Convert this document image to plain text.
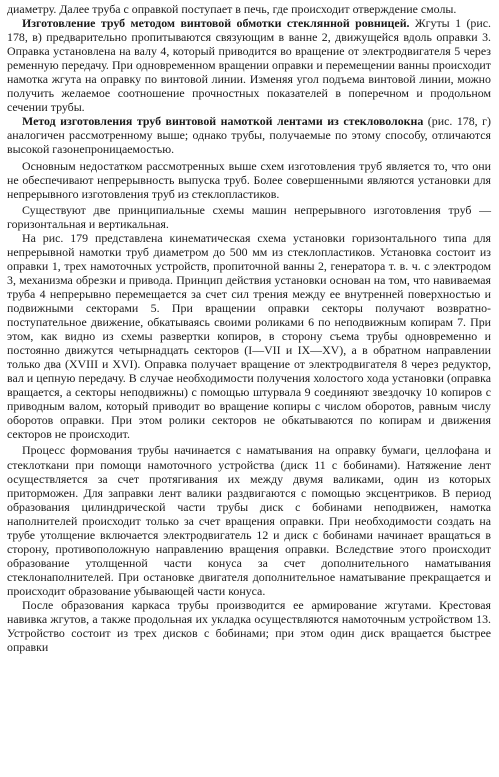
диаметру. Далее труба с оправкой поступает в печь, где происходит отверждение смолы.

Изготовление труб методом винтовой обмотки стеклянной ровницей. Жгуты 1 (рис. 178, в) предварительно пропитываются связующим в ванне 2, движущейся вдоль оправки 3. Оправка установлена на валу 4, который приводится во вращение от электродвигателя 5 через ременную передачу. При одновременном вращении оправки и перемещении ванны происходит намотка жгута на оправку по винтовой линии. Изменяя угол подъема винтовой линии, можно получить желаемое соотношение прочностных показателей в поперечном и продольном сечении трубы.

Метод изготовления труб винтовой намоткой лентами из стекловолокна (рис. 178, г) аналогичен рассмотренному выше; однако трубы, получаемые по этому способу, отличаются высокой газонепроницаемостью.

Основным недостатком рассмотренных выше схем изготовления труб является то, что они не обеспечивают непрерывность выпуска труб. Более совершенными являются установки для непрерывного изготовления труб из стеклопластиков.

Существуют две принципиальные схемы машин непрерывного изготовления труб — горизонтальная и вертикальная.

На рис. 179 представлена кинематическая схема установки горизонтального типа для непрерывной намотки труб диаметром до 500 мм из стеклопластиков. Установка состоит из оправки 1, трех намоточных устройств, пропиточной ванны 2, генератора т. в. ч. с электродом 3, механизма обрезки и привода. Принцип действия установки основан на том, что навиваемая труба 4 непрерывно перемещается за счет сил трения между ее внутренней поверхностью и подвижными секторами 5. При вращении оправки секторы получают возвратно-поступательное движение, обкатываясь своими роликами 6 по неподвижным копирам 7. При этом, как видно из схемы развертки копиров, в сторону съема трубы одновременно и постоянно движутся четырнадцать секторов (I—VII и IX—XV), а в обратном направлении только два (XVIII и XVI). Оправка получает вращение от электродвигателя 8 через редуктор, вал и цепную передачу. В случае необходимости получения холостого хода установки (оправка вращается, а секторы неподвижны) с помощью штурвала 9 соединяют звездочку 10 копиров с приводным валом, который приводит во вращение копиры с числом оборотов, равным числу оборотов оправки. При этом ролики секторов не обкатываются по копирам и движения секторов не происходит.

Процесс формования трубы начинается с наматывания на оправку бумаги, целлофана и стеклоткани при помощи намоточного устройства (диск 11 с бобинами). Натяжение лент осуществляется за счет протягивания их между двумя валиками, один из которых приторможен. Для заправки лент валики раздвигаются с помощью эксцентриков. В период образования цилиндрической части трубы диск с бобинами неподвижен, намотка наполнителей происходит только за счет вращения оправки. При необходимости создать на трубе утолщение включается электродвигатель 12 и диск с бобинами начинает вращаться в сторону, противоположную направлению вращения оправки. Вследствие этого происходит образование утолщенной части конуса за счет дополнительного наматывания стеклонаполнителей. При остановке двигателя дополнительное наматывание прекращается и происходит образование убывающей части конуса.

После образования каркаса трубы производится ее армирование жгутами. Крестовая навивка жгутов, а также продольная их укладка осуществляются намоточным устройством 13. Устройство состоит из трех дисков с бобинами; при этом один диск вращается быстрее оправки
